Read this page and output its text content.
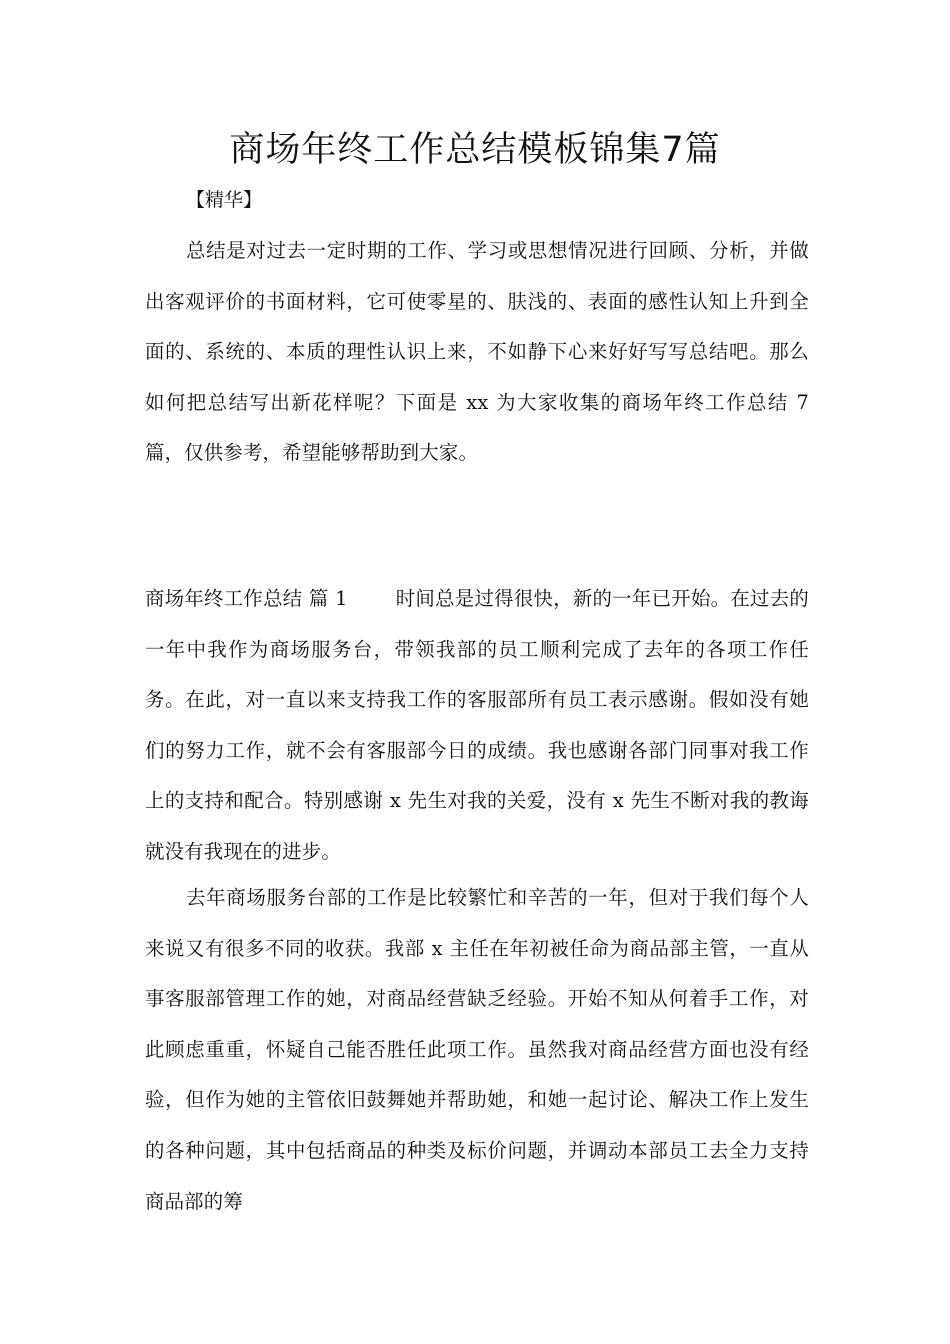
商场年终工作总结模板锦集7篇

【精华】

总结是对过去一定时期的工作、学习或思想情况进行回顾、分析，并做出客观评价的书面材料，它可使零星的、肤浅的、表面的感性认知上升到全面的、系统的、本质的理性认识上来，不如静下心来好好写写总结吧。那么如何把总结写出新花样呢？下面是 xx 为大家收集的商场年终工作总结 7 篇，仅供参考，希望能够帮助到大家。

商场年终工作总结 篇 1 时间总是过得很快，新的一年已开始。在过去的一年中我作为商场服务台，带领我部的员工顺利完成了去年的各项工作任务。在此，对一直以来支持我工作的客服部所有员工表示感谢。假如没有她们的努力工作，就不会有客服部今日的成绩。我也感谢各部门同事对我工作上的支持和配合。特别感谢 x 先生对我的关爱，没有 x 先生不断对我的教诲就没有我现在的进步。

去年商场服务台部的工作是比较繁忙和辛苦的一年，但对于我们每个人来说又有很多不同的收获。我部 x 主任在年初被任命为商品部主管，一直从事客服部管理工作的她，对商品经营缺乏经验。开始不知从何着手工作，对此顾虑重重，怀疑自己能否胜任此项工作。虽然我对商品经营方面也没有经验，但作为她的主管依旧鼓舞她并帮助她，和她一起讨论、解决工作上发生的各种问题，其中包括商品的种类及标价问题，并调动本部员工去全力支持商品部的筹
